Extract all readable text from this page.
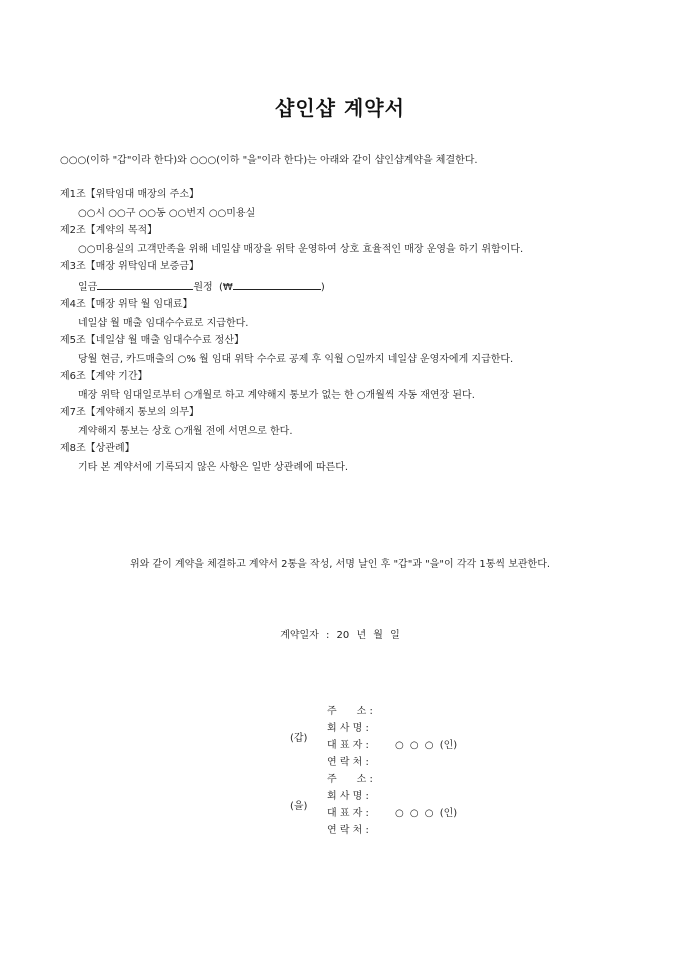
샵인샵 계약서
○○○(이하 "갑"이라 한다)와 ○○○(이하 "을"이라 한다)는 아래와 같이 샵인샵계약을 체결한다.
제1조【위탁임대 매장의 주소】
○○시 ○○구 ○○동 ○○번지 ○○미용실
제2조【계약의 목적】
○○미용실의 고객만족을 위해 네일샵 매장을 위탁 운영하여 상호 효율적인 매장 운영을 하기 위함이다.
제3조【매장 위탁임대 보증금】
일금	원정 (₩	)
제4조【매장 위탁 월 임대료】
네일샵 월 매출 임대수수료로 지급한다.
제5조【네일샵 월 매출 임대수수료 정산】
당월 현금, 카드매출의 ○% 월 임대 위탁 수수료 공제 후 익월 ○일까지 네일샵 운영자에게 지급한다.
제6조【계약 기간】
매장 위탁 임대일로부터 ○개월로 하고 계약해지 통보가 없는 한 ○개월씩 자동 재연장 된다.
제7조【계약해지 통보의 의무】
계약해지 통보는 상호 ○개월 전에 서면으로 한다.
제8조【상관례】
기타 본 계약서에 기록되지 않은 사항은 일반 상관례에 따른다.
위와 같이 계약을 체결하고 계약서 2통을 작성, 서명 날인 후 "갑"과 "을"이 각각 1통씩 보관한다.
계약일자 : 20 년 월 일
(갑)
주　　소 :
회 사 명 :
대 표 자 :	○ ○ ○ (인)
연 락 처 :
(을)
주　　소 :
회 사 명 :
대 표 자 :	○ ○ ○ (인)
연 락 처 :
